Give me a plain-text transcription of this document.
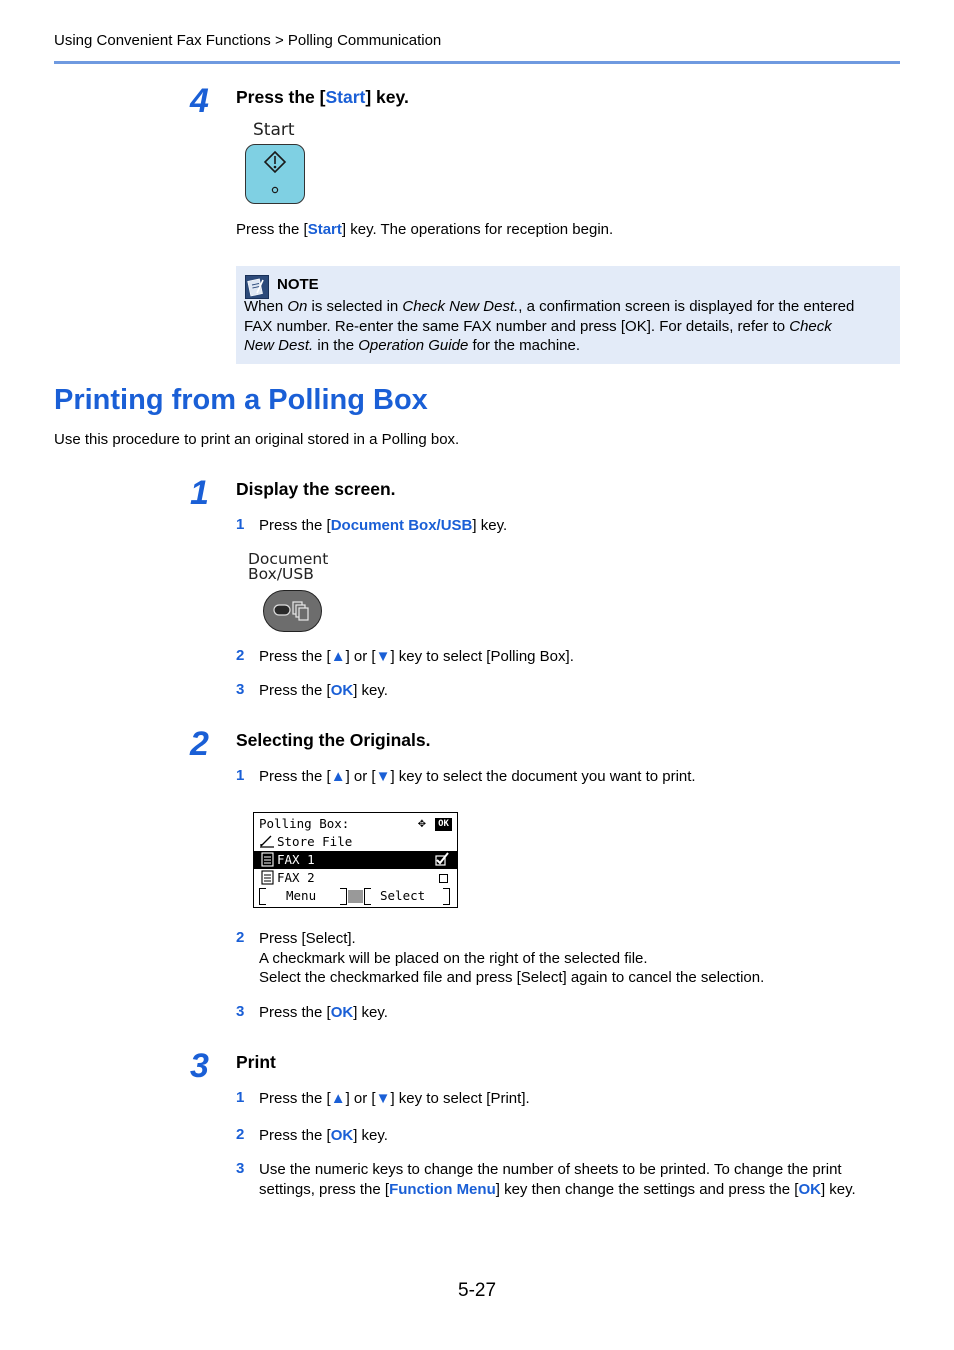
Using Convenient Fax Functions > Polling Communication
4 Press the [Start] key.
Start
Press the [Start] key. The operations for reception begin.
NOTE
When On is selected in Check New Dest., a confirmation screen is displayed for the entered
FAX number. Re-enter the same FAX number and press [OK]. For details, refer to Check
New Dest. in the Operation Guide for the machine.
Printing from a Polling Box
Use this procedure to print an original stored in a Polling box.
1 Display the screen.
1 Press the [Document Box/USB] key.
Document
Box/USB
2 Press the [▲] or [▼] key to select [Polling Box].
3 Press the [OK] key.
2 Selecting the Originals.
1 Press the [▲] or [▼] key to select the document you want to print.
Polling Box:	✥	OK
Store File
FAX 1
FAX 2
Menu	Select
2 Press [Select].
A checkmark will be placed on the right of the selected file.
Select the checkmarked file and press [Select] again to cancel the selection.
3 Press the [OK] key.
3 Print
1 Press the [▲] or [▼] key to select [Print].
2 Press the [OK] key.
3 Use the numeric keys to change the number of sheets to be printed. To change the print
settings, press the [Function Menu] key then change the settings and press the [OK] key.
5-27
